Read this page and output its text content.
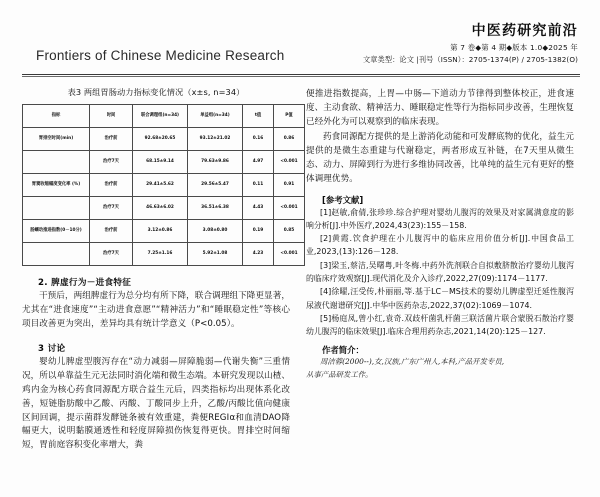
Frontiers of Chinese Medicine Research
中医药研究前沿
第 7 卷◆第 4 期◆版本 1.0◆2025 年
文章类型：论文 |刊号（ISSN）：2705-1374(P) / 2705-1382(O)
表3 两组胃肠动力指标变化情况（x±s, n=34）
指标	时间	联合调理组(n=34)	单益组(n=34)	t值	P值
胃排空时间(min)	治疗前	92.68±20.65	93.12±21.02	0.16	0.86
	治疗7天	68.15±9.14	79.63±9.86	4.97	<0.001
胃窦收缩幅度变化率 (%)	治疗前	29.41±5.62	29.56±5.47	0.11	0.91
	治疗7天	46.63±6.02	36.51±6.38	4.43	<0.001
肠蠕动推进指数(0－10分)	治疗前	3.12±0.86	3.08±0.80	0.19	0.85
	治疗7天	7.25±1.16	5.92±1.08	4.23	<0.001
2. 脾虚行为－进食特征

干预后，两组脾虚行为总分均有所下降，联合调理组下降更显著，尤其在“进食速度”“主动进食意愿”“精神活力”和“睡眠稳定性”等核心项目改善更为突出，差异均具有统计学意义（P<0.05）。

3 讨论

婴幼儿脾虚型腹泻存在“动力减弱—屏障脆弱—代谢失衡”三重情况，所以单靠益生元无法同时消化端和微生态端。本研究发现以山楂、鸡内金为核心药食同源配方联合益生元后，四类指标均出现体系化改善，短链脂肪酸中乙酸、丙酸、丁酸同步上升，乙酸/丙酸比值向健康区间回调，提示菌群发酵链条被有效重建，粪便REGⅠα和血清DAO降幅更大，说明黏膜通透性和轻度屏障损伤恢复得更快。胃排空时间缩短，胃前庭容积变化率增大，粪

便推进指数提高，上胃—中肠—下道动力节律得到整体校正，进食速度、主动食欲、精神活力、睡眠稳定性等行为指标同步改善，生理恢复已经外化为可以观察到的临床表现。

药食同源配方提供的是上游消化动能和可发酵底物的优化，益生元提供的是微生态重建与代谢稳定，两者形成互补链，在7天里从微生态、动力、屏障到行为进行多维协同改善，比单纯的益生元有更好的整体调理优势。

[参考文献]

[1]赵敏,俞倩,张珍珍.综合护理对婴幼儿腹泻的效果及对家属满意度的影响分析[J].中外医疗,2024,43(23):155－158.

[2]黄霞.饮食护理在小儿腹泻中的临床应用价值分析[J].中国食品工业,2023,(13):126－128.

[3]梁玉,蔡洁,吴曙粤,叶冬梅.中药外洗剂联合自拟敷脐散治疗婴幼儿腹泻的临床疗效观察[J].现代消化及介入诊疗,2022,27(09):1174－1177.

[4]徐曜,汪受传,朴丽丽,等.基于LC－MS技术的婴幼儿脾虚型迁延性腹泻尿液代谢谱研究[J].中华中医药杂志,2022,37(02):1069－1074.

[5]杨庭凤,曾小红,袁奇.双歧杆菌乳杆菌三联活菌片联合蒙脱石散治疗婴幼儿腹泻的临床效果[J].临床合理用药杂志,2021,14(20):125－127.

作者简介：

周洁蓉(2000--),女,汉族,广东广州人,本科,产品开发专员,

从事产品研发工作。
